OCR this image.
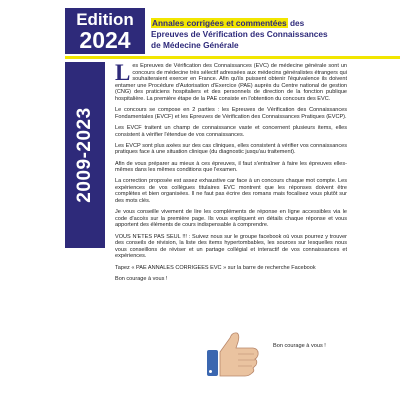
Edition
2024
Annales corrigées et commentées des
Epreuves de Vérification des Connaissances
de Médecine Générale
2009-2023

Les Epreuves de Vérification des Connaissances (EVC) de médecine générale sont un concours de médecine très sélectif adressées aux médecins généralistes étrangers qui souhaiteraient exercer en France. Afin qu'ils puissent obtenir l'équivalence ils doivent entamer une Procédure d'Autorisation d'Exercice (PAE) auprès du Centre national de gestion (CNG) des praticiens hospitaliers et des personnels de direction de la fonction publique hospitalière. La première étape de la PAE consiste en l'obtention du concours des EVC.

Le concours se compose en 2 parties : les Epreuves de Vérification des Connaissances Fondamentales (EVCF) et les Epreuves de Vérification des Connaissances Pratiques (EVCP).

Les EVCF traitent un champ de connaissance vaste et concernent plusieurs items, elles consistent à vérifier l'étendue de vos connaissances.

Les EVCP sont plus axées sur des cas cliniques, elles consistent à vérifier vos connaissances pratiques face à une situation clinique (du diagnostic jusqu'au traitement).

Afin de vous préparer au mieux à ces épreuves, il faut s'entraîner à faire les épreuves elles-mêmes dans les mêmes conditions que l'examen.

La correction proposée est assez exhaustive car face à un concours chaque mot compte. Les expériences de vos collègues titulaires EVC montrent que les réponses doivent être complètes et bien organisées. Il ne faut pas écrire des romans mais focalisez vous plutôt sur des mots clés.

Je vous conseille vivement de lire les compléments de réponse en ligne accessibles via le code d'accès sur la première page. Ils vous expliquent en détails chaque réponse et vous apportent des éléments de cours indispensable à comprendre.

VOUS N'ETES PAS SEUL !!! : Suivez nous sur le groupe facebook où vous pourrez y trouver des conseils de révision, la liste des items hypertombables, les sources sur lesquelles nous vous conseillons de réviser et un partage collégial et interactif de vos connaissances et expériences.

Tapez « PAE ANNALES CORRIGEES EVC » sur la barre de recherche Facebook

Bon courage à vous !

Bon courage à vous !
